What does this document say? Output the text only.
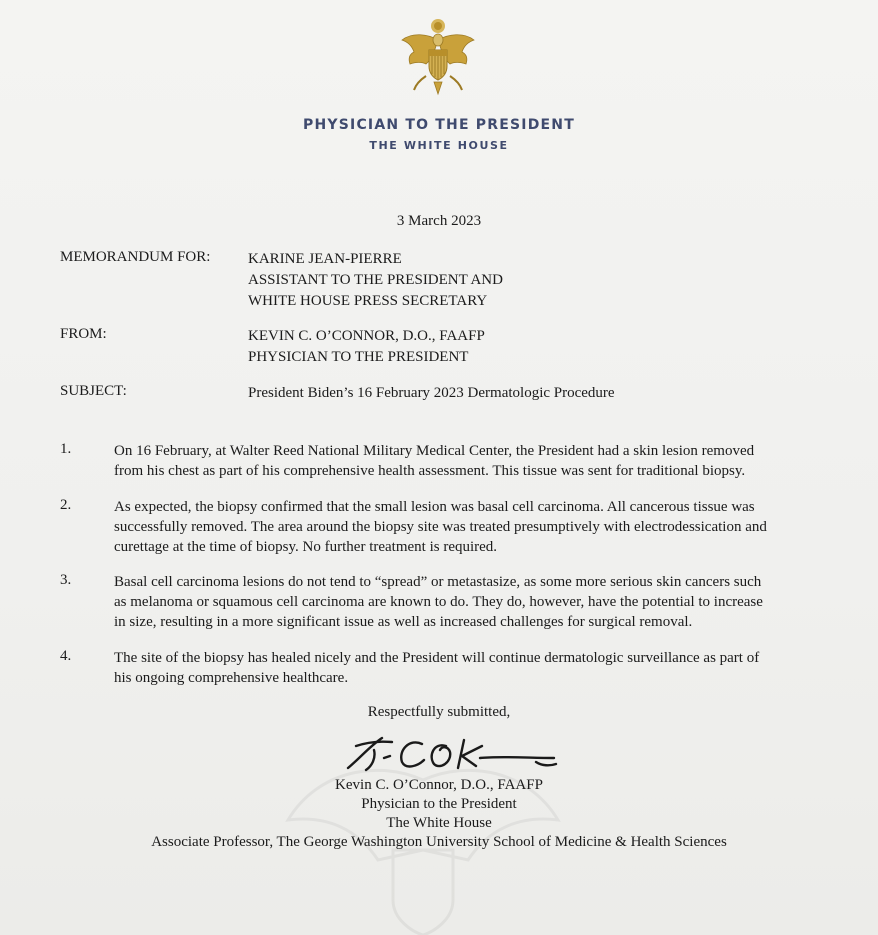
PHYSICIAN TO THE PRESIDENT
THE WHITE HOUSE
3 March 2023
MEMORANDUM FOR:	KARINE JEAN-PIERRE
ASSISTANT TO THE PRESIDENT AND
WHITE HOUSE PRESS SECRETARY
FROM:	KEVIN C. O’CONNOR, D.O., FAAFP
PHYSICIAN TO THE PRESIDENT
SUBJECT:	President Biden’s 16 February 2023 Dermatologic Procedure
1.	On 16 February, at Walter Reed National Military Medical Center, the President had a skin lesion removed
from his chest as part of his comprehensive health assessment. This tissue was sent for traditional biopsy.
2.	As expected, the biopsy confirmed that the small lesion was basal cell carcinoma. All cancerous tissue was
successfully removed. The area around the biopsy site was treated presumptively with electrodessication and
curettage at the time of biopsy. No further treatment is required.
3.	Basal cell carcinoma lesions do not tend to “spread” or metastasize, as some more serious skin cancers such
as melanoma or squamous cell carcinoma are known to do. They do, however, have the potential to increase
in size, resulting in a more significant issue as well as increased challenges for surgical removal.
4.	The site of the biopsy has healed nicely and the President will continue dermatologic surveillance as part of
his ongoing comprehensive healthcare.
Respectfully submitted,
Kevin C. O’Connor, D.O., FAAFP
Physician to the President
The White House
Associate Professor, The George Washington University School of Medicine & Health Sciences
